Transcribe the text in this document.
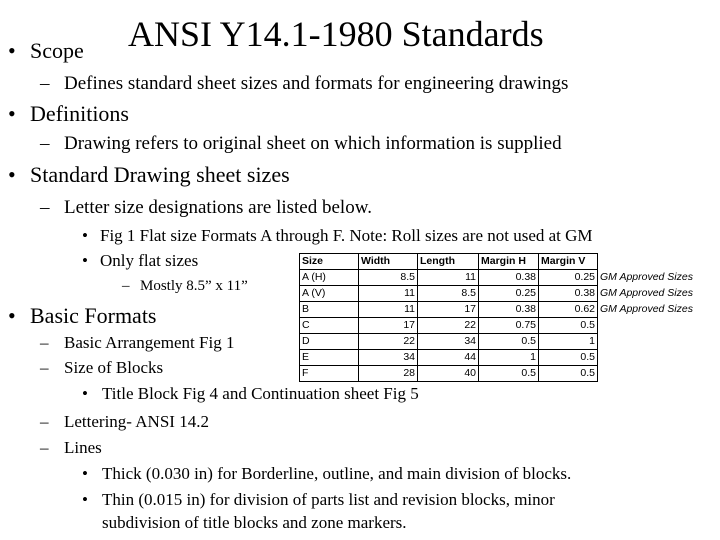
• Scope ANSI Y14.1-1980 Standards
– Defines standard sheet sizes and formats for engineering drawings
• Definitions
– Drawing refers to original sheet on which information is supplied
• Standard Drawing sheet sizes
– Letter size designations are listed below.
• Fig 1 Flat size Formats A through F. Note: Roll sizes are not used at GM
• Only flat sizes
– Mostly 8.5” x 11”
Size	Width	Length	Margin H	Margin V	
A (H)	8.5	11	0.38	0.25	GM Approved Sizes
A (V)	11	8.5	0.25	0.38	GM Approved Sizes
B	11	17	0.38	0.62	GM Approved Sizes
C	17	22	0.75	0.5	
D	22	34	0.5	1	
E	34	44	1	0.5	
F	28	40	0.5	0.5	
• Basic Formats
– Basic Arrangement Fig 1
– Size of Blocks
• Title Block Fig 4 and Continuation sheet Fig 5
– Lettering- ANSI 14.2
– Lines
• Thick (0.030 in) for Borderline, outline, and main division of blocks.
• Thin (0.015 in) for division of parts list and revision blocks, minor
subdivision of title blocks and zone markers.
